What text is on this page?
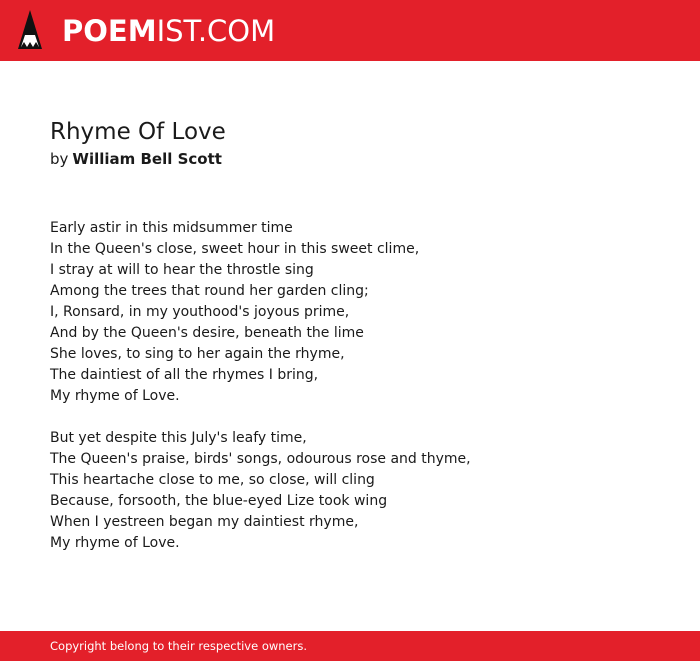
POEMIST.COM
Rhyme Of Love
by William Bell Scott
Early astir in this midsummer time
In the Queen's close, sweet hour in this sweet clime,
I stray at will to hear the throstle sing
Among the trees that round her garden cling;
I, Ronsard, in my youthood's joyous prime,
And by the Queen's desire, beneath the lime
She loves, to sing to her again the rhyme,
The daintiest of all the rhymes I bring,
My rhyme of Love.
But yet despite this July's leafy time,
The Queen's praise, birds' songs, odourous rose and thyme,
This heartache close to me, so close, will cling
Because, forsooth, the blue-eyed Lize took wing
When I yestreen began my daintiest rhyme,
My rhyme of Love.
Copyright belong to their respective owners.
